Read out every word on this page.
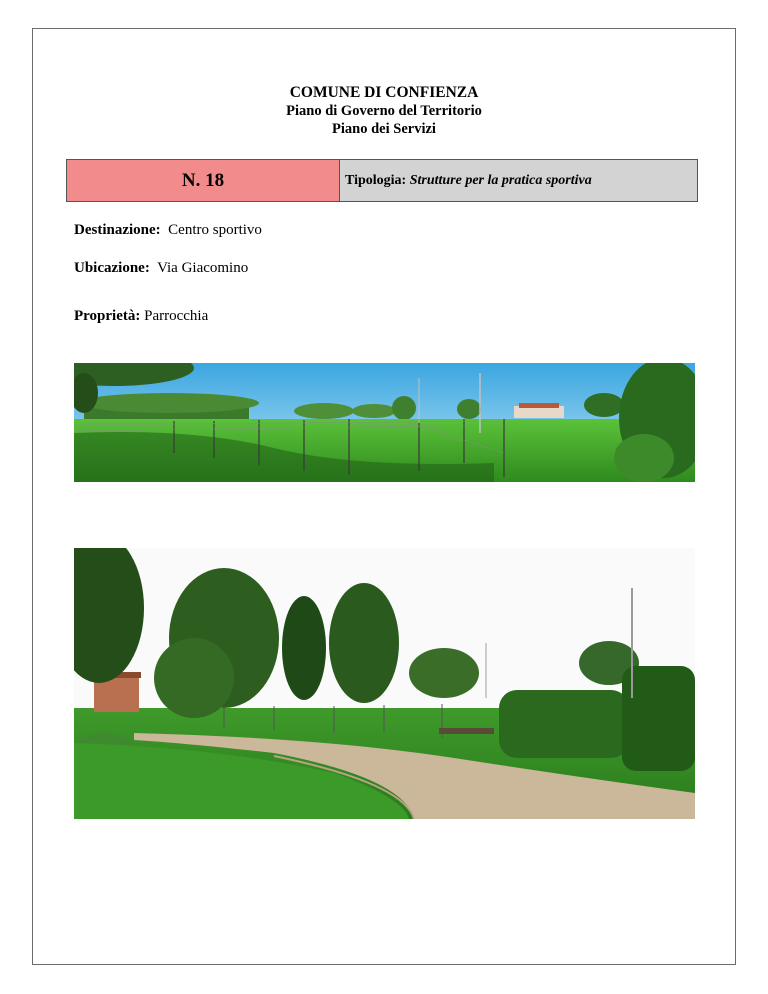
COMUNE DI CONFIENZA
Piano di Governo del Territorio
Piano dei Servizi
N. 18	Tipologia:
Strutture per la pratica sportiva
Destinazione: Centro sportivo
Ubicazione: Via Giacomino
Proprietà: Parrocchia
